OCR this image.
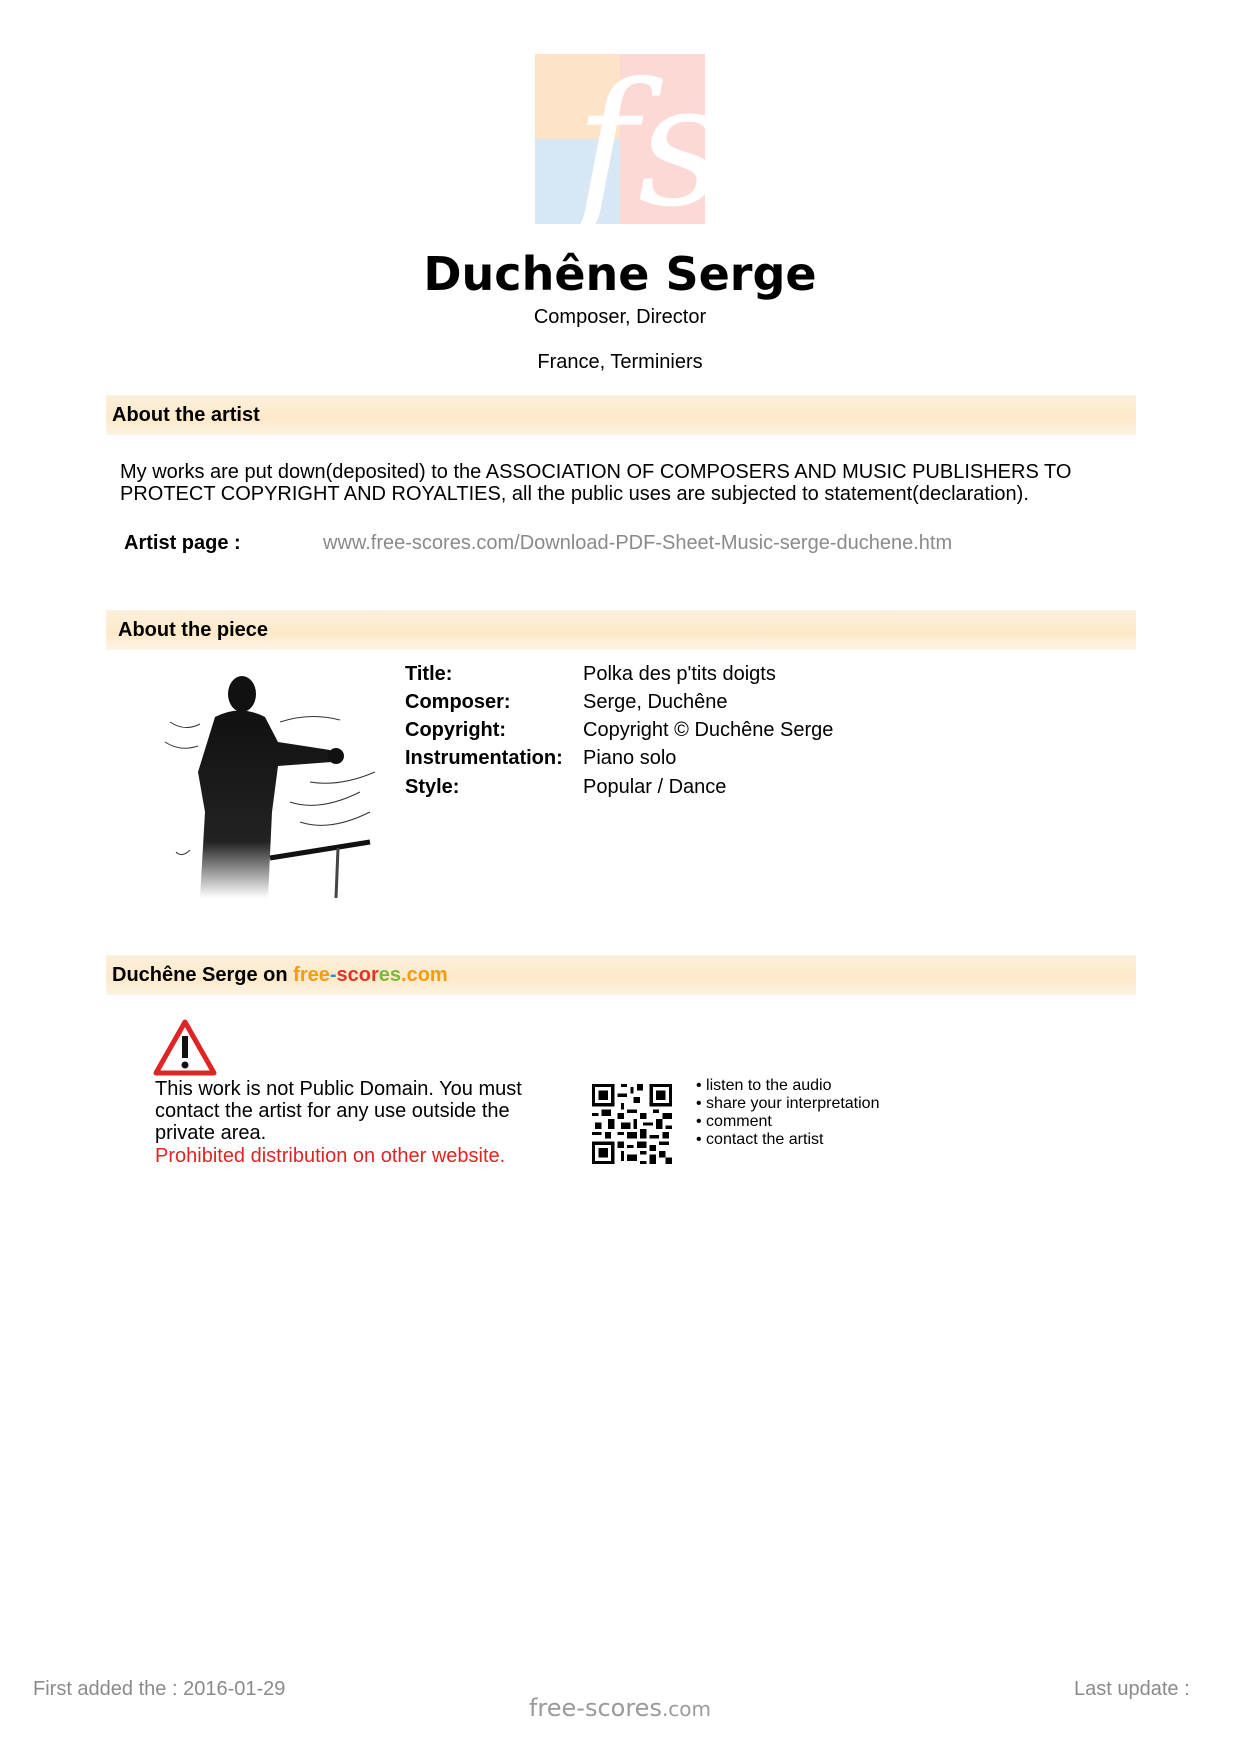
fs
Duchêne Serge
Composer, Director
France, Terminiers
About the artist
My works are put down(deposited) to the ASSOCIATION OF COMPOSERS AND MUSIC PUBLISHERS TO PROTECT COPYRIGHT AND ROYALTIES, all the public uses are subjected to statement(declaration).
Artist page :	www.free-scores.com/Download-PDF-Sheet-Music-serge-duchene.htm
About the piece
Title:	Polka des p'tits doigts
Composer:	Serge, Duchêne
Copyright:	Copyright © Duchêne Serge
Instrumentation: Piano solo
Style:	Popular / Dance
Duchêne Serge on free-scores.com
This work is not Public Domain. You must contact the artist for any use outside the private area.
Prohibited distribution on other website.
• listen to the audio
• share your interpretation
• comment
• contact the artist
First added the : 2016-01-29	Last update :
free-scores.com
